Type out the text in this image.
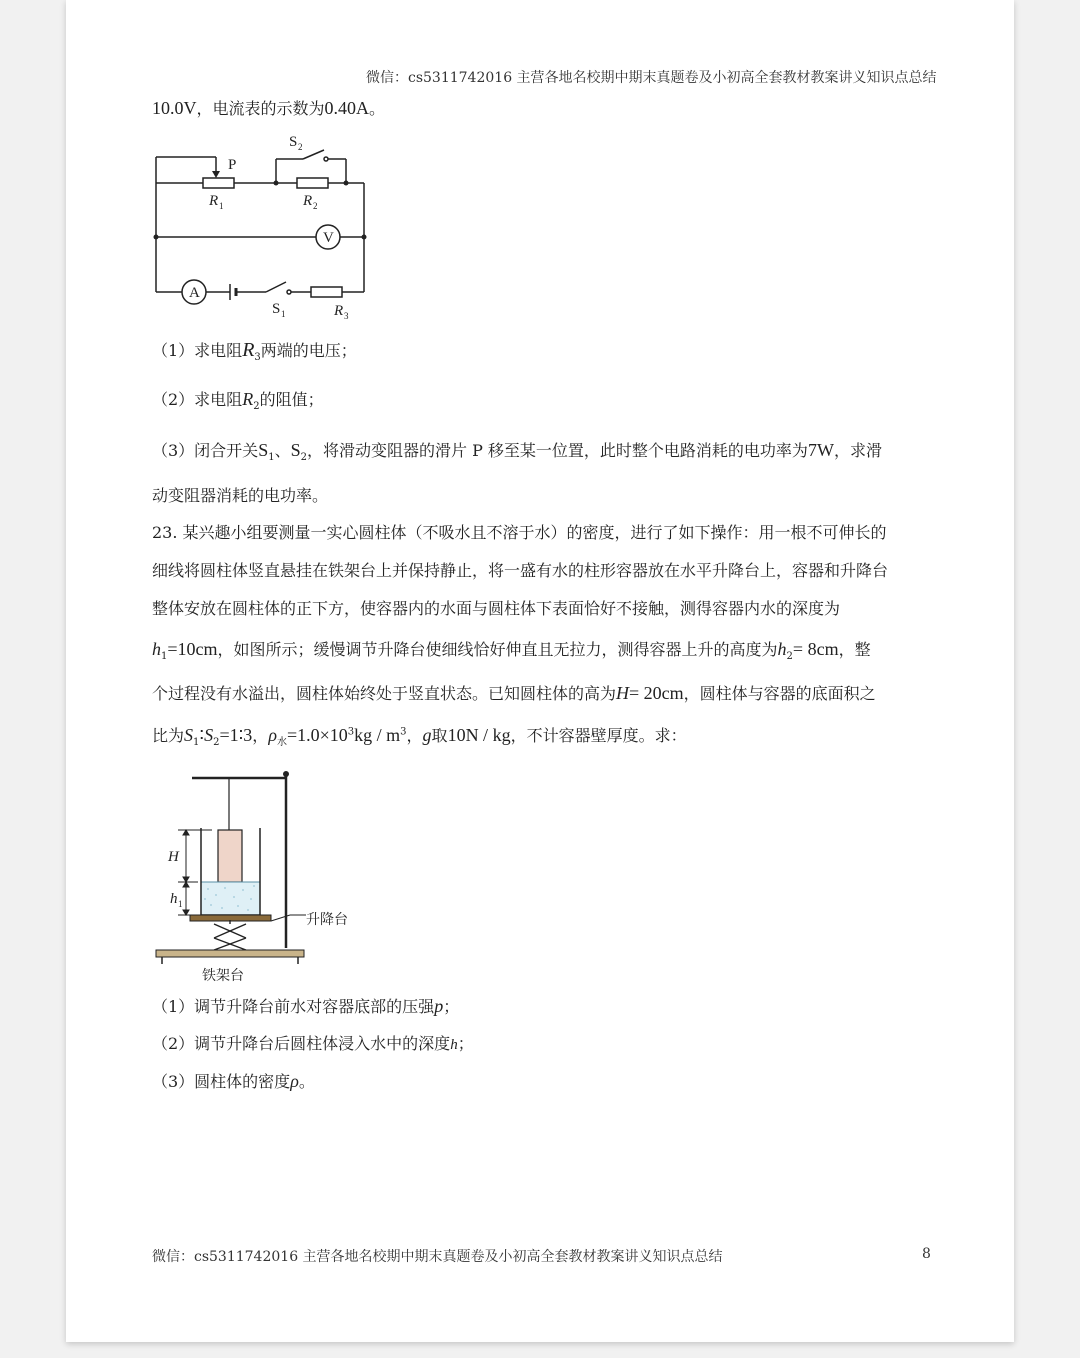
微信：cs5311742016 主营各地名校期中期末真题卷及小初高全套教材教案讲义知识点总结
10.0V，电流表的示数为0.40A。
P
S 2
R 1	R 2
V
A
R 3
S 1
（1）求电阻$R_3$两端的电压；
（2）求电阻$R_2$的阻值；
（3）闭合开关$S_1$、$S_2$，将滑动变阻器的滑片 P 移至某一位置，此时整个电路消耗的电功率为7W，求滑
动变阻器消耗的电功率。
23. 某兴趣小组要测量一实心圆柱体（不吸水且不溶于水）的密度，进行了如下操作：用一根不可伸长的
细线将圆柱体竖直悬挂在铁架台上并保持静止，将一盛有水的柱形容器放在水平升降台上，容器和升降台
整体安放在圆柱体的正下方，使容器内的水面与圆柱体下表面恰好不接触，测得容器内水的深度为
$h_1=10cm$，如图所示；缓慢调节升降台使细线恰好伸直且无拉力，测得容器上升的高度为$h_2= 8cm$，整
个过程没有水溢出，圆柱体始终处于竖直状态。已知圆柱体的高为H= 20cm，圆柱体与容器的底面积之
比为$S_1∶S_2=1∶3$，$\rho_水=1.0\times 10^3kg / m^3$，g取10N / kg，不计容器壁厚度。求：
H
h 1
升降台
铁架台
（1）调节升降台前水对容器底部的压强p；
（2）调节升降台后圆柱体浸入水中的深度h；
（3）圆柱体的密度ρ。
微信：cs5311742016 主营各地名校期中期末真题卷及小初高全套教材教案讲义知识点总结	8
